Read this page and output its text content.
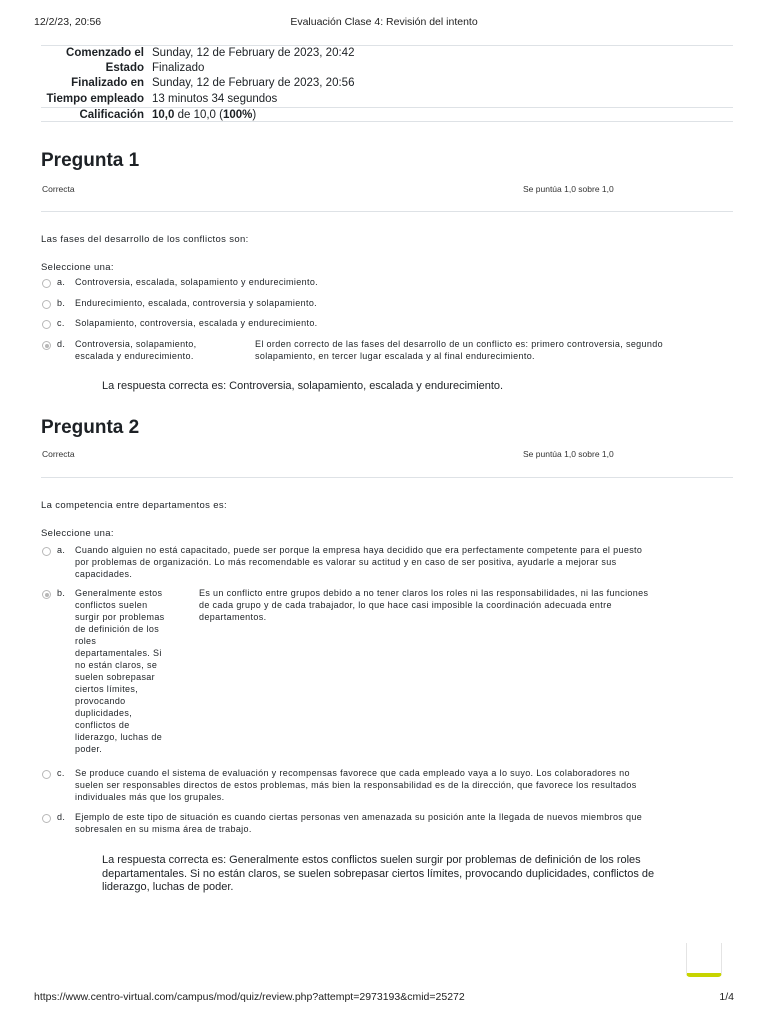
12/2/23, 20:56	Evaluación Clase 4: Revisión del intento
Comenzado el Sunday, 12 de February de 2023, 20:42
Estado Finalizado
Finalizado en Sunday, 12 de February de 2023, 20:56
Tiempo empleado 13 minutos 34 segundos
Calificación 10,0 de 10,0 (100%)
Pregunta 1
Correcta	Se puntúa 1,0 sobre 1,0
Las fases del desarrollo de los conflictos son:
Seleccione una:
a. Controversia, escalada, solapamiento y endurecimiento.
b. Endurecimiento, escalada, controversia y solapamiento.
c. Solapamiento, controversia, escalada y endurecimiento.
d. Controversia, solapamiento,
escalada y endurecimiento.
El orden correcto de las fases del desarrollo de un conflicto es: primero controversia, segundo
solapamiento, en tercer lugar escalada y al final endurecimiento.
La respuesta correcta es: Controversia, solapamiento, escalada y endurecimiento.
Pregunta 2
Correcta	Se puntúa 1,0 sobre 1,0
La competencia entre departamentos es:
Seleccione una:
a. Cuando alguien no está capacitado, puede ser porque la empresa haya decidido que era perfectamente competente para el puesto
por problemas de organización. Lo más recomendable es valorar su actitud y en caso de ser positiva, ayudarle a mejorar sus
capacidades.
b. Generalmente estos
conflictos suelen
surgir por problemas
de definición de los
roles
departamentales. Si
no están claros, se
suelen sobrepasar
ciertos límites,
provocando
duplicidades,
conflictos de
liderazgo, luchas de
poder.
Es un conflicto entre grupos debido a no tener claros los roles ni las responsabilidades, ni las funciones
de cada grupo y de cada trabajador, lo que hace casi imposible la coordinación adecuada entre
departamentos.
c. Se produce cuando el sistema de evaluación y recompensas favorece que cada empleado vaya a lo suyo. Los colaboradores no
suelen ser responsables directos de estos problemas, más bien la responsabilidad es de la dirección, que favorece los resultados
individuales más que los grupales.
d. Ejemplo de este tipo de situación es cuando ciertas personas ven amenazada su posición ante la llegada de nuevos miembros que
sobresalen en su misma área de trabajo.
La respuesta correcta es: Generalmente estos conflictos suelen surgir por problemas de definición de los roles
departamentales. Si no están claros, se suelen sobrepasar ciertos límites, provocando duplicidades, conflictos de
liderazgo, luchas de poder.
https://www.centro-virtual.com/campus/mod/quiz/review.php?attempt=2973193&cmid=25272	1/4
